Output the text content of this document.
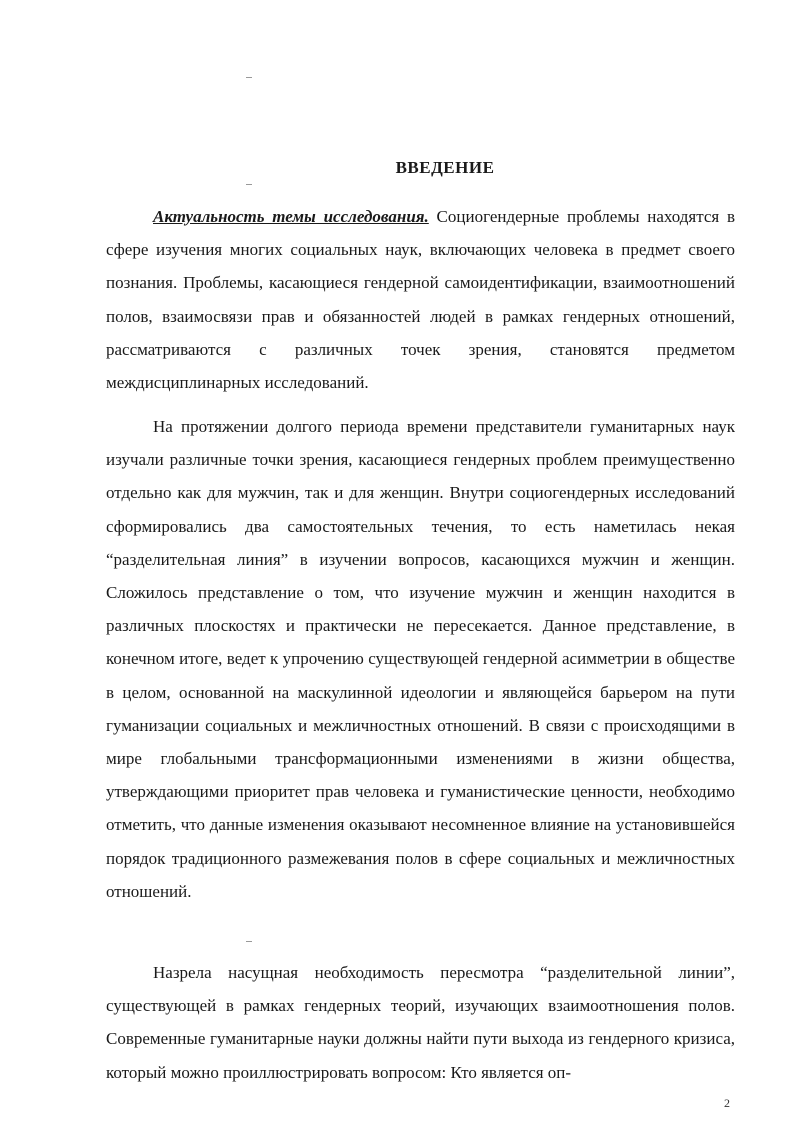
ВВЕДЕНИЕ

Актуальность темы исследования. Социогендерные проблемы находятся в сфере изучения многих социальных наук, включающих человека в предмет своего познания. Проблемы, касающиеся гендерной самоидентификации, взаимоотношений полов, взаимосвязи прав и обязанностей людей в рамках гендерных отношений, рассматриваются с различных точек зрения, становятся предметом междисциплинарных исследований.

На протяжении долгого периода времени представители гуманитарных наук изучали различные точки зрения, касающиеся гендерных проблем преимущественно отдельно как для мужчин, так и для женщин. Внутри социогендерных исследований сформировались два самостоятельных течения, то есть наметилась некая “разделительная линия” в изучении вопросов, касающихся мужчин и женщин. Сложилось представление о том, что изучение мужчин и женщин находится в различных плоскостях и практически не пересекается. Данное представление, в конечном итоге, ведет к упрочению существующей гендерной асимметрии в обществе в целом, основанной на маскулинной идеологии и являющейся барьером на пути гуманизации социальных и межличностных отношений. В связи с происходящими в мире глобальными трансформационными изменениями в жизни общества, утверждающими приоритет прав человека и гуманистические ценности, необходимо отметить, что данные изменения оказывают несомненное влияние на установившейся порядок традиционного размежевания полов в сфере социальных и межличностных отношений.

Назрела насущная необходимость пересмотра “разделительной линии”, существующей в рамках гендерных теорий, изучающих взаимоотношения полов. Современные гуманитарные науки должны найти пути выхода из гендерного кризиса, который можно проиллюстрировать вопросом: Кто является оп-

2
